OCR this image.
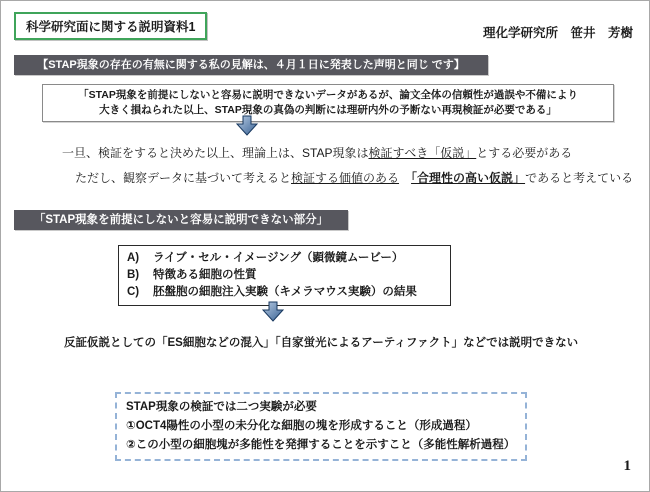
科学研究面に関する説明資料1	理化学研究所　笹井　芳樹
【STAP現象の存在の有無に関する私の見解は、４月１日に発表した声明と同じ です】
「STAP現象を前提にしないと容易に説明できないデータがあるが、論文全体の信頼性が過誤や不備により
大きく損ねられた以上、STAP現象の真偽の判断には理研内外の予断ない再現検証が必要である」
一旦、検証をすると決めた以上、理論上は、STAP現象は検証すべき「仮説」とする必要がある
ただし、観察データに基づいて考えると検証する価値のある　 「合理性の高い仮説」であると考えている
「STAP現象を前提にしないと容易に説明できない部分」
A)	ライブ・セル・イメージング（顕微鏡ムービー）
B)	特徴ある細胞の性質
C)	胚盤胞の細胞注入実験（キメラマウス実験）の結果
反証仮説としての「ES細胞などの混入」「自家蛍光によるアーティファクト」などでは説明できない
STAP現象の検証では二つ実験が必要
①OCT4陽性の小型の未分化な細胞の塊を形成すること（形成過程）
②この小型の細胞塊が多能性を発揮することを示すこと（多能性解析過程）
1
